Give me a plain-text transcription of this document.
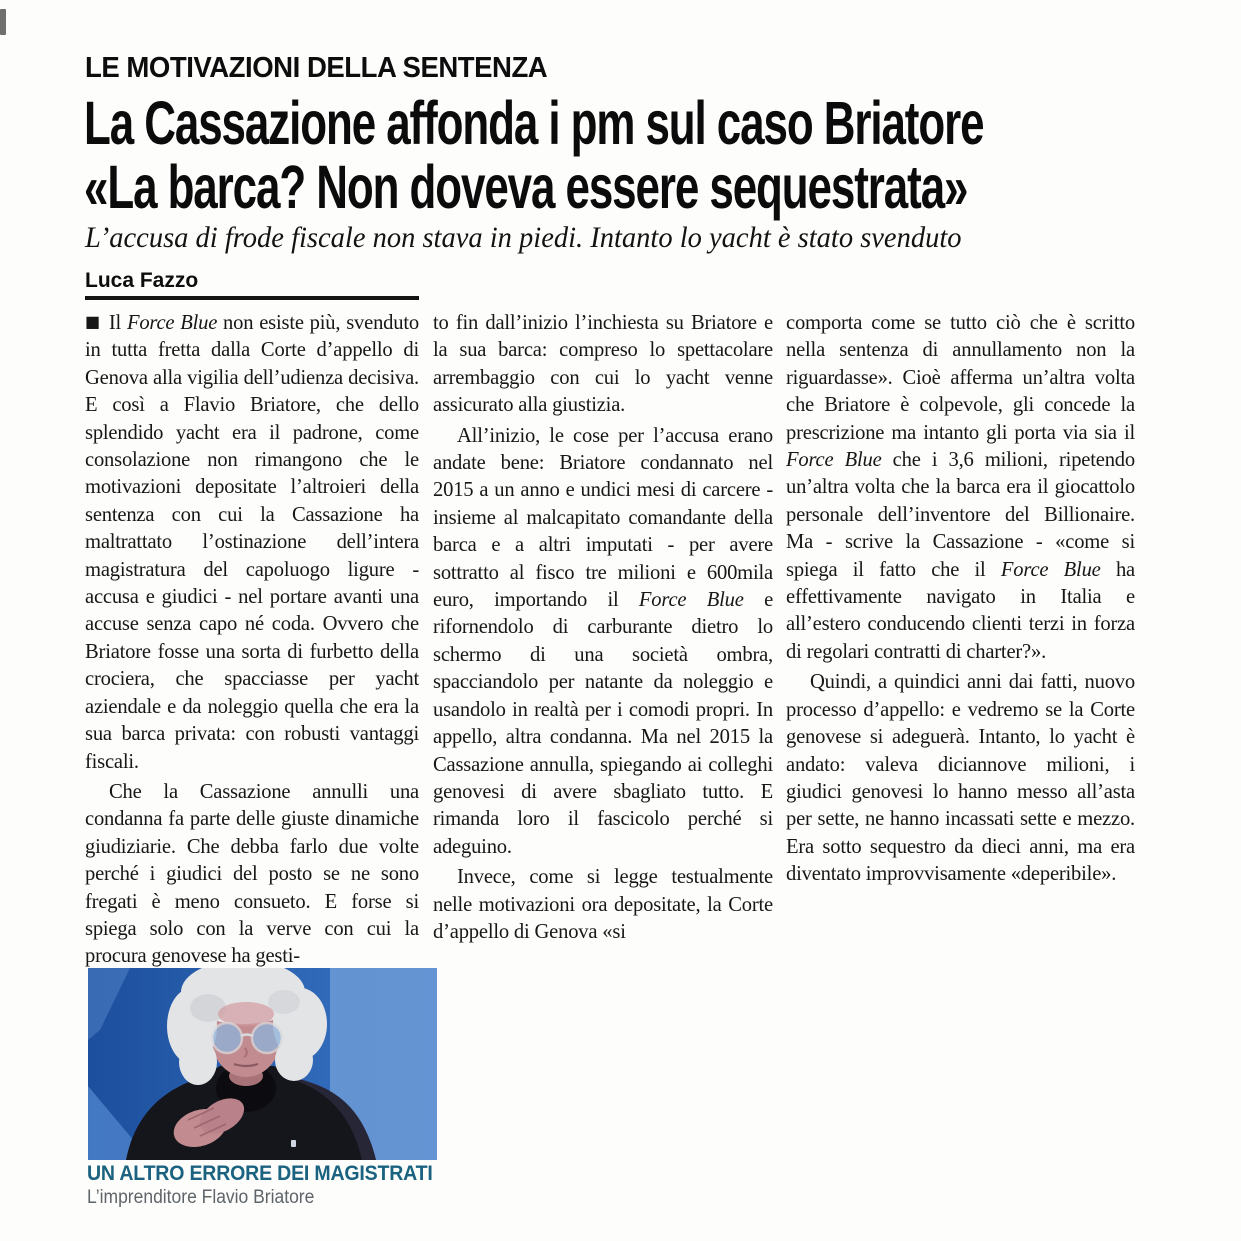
LE MOTIVAZIONI DELLA SENTENZA
La Cassazione affonda i pm sul caso Briatore
«La barca? Non doveva essere sequestrata»
L’accusa di frode fiscale non stava in piedi. Intanto lo yacht è stato svenduto
Luca Fazzo

■ Il Force Blue non esiste più, svenduto in tutta fretta dalla Corte d’appello di Genova alla vigilia dell’udienza decisiva. E così a Flavio Briatore, che dello splendido yacht era il padrone, come consolazione non rimangono che le motivazioni depositate l’altroieri della sentenza con cui la Cassazione ha maltrattato l’ostinazione dell’intera magistratura del capoluogo ligure - accusa e giudici - nel portare avanti una accuse senza capo né coda. Ovvero che Briatore fosse una sorta di furbetto della crociera, che spacciasse per yacht aziendale e da noleggio quella che era la sua barca privata: con robusti vantaggi fiscali.

Che la Cassazione annulli una condanna fa parte delle giuste dinamiche giudiziarie. Che debba farlo due volte perché i giudici del posto se ne sono fregati è meno consueto. E forse si spiega solo con la verve con cui la procura genovese ha gesti-

to fin dall’inizio l’inchiesta su Briatore e la sua barca: compreso lo spettacolare arrembaggio con cui lo yacht venne assicurato alla giustizia.

All’inizio, le cose per l’accusa erano andate bene: Briatore condannato nel 2015 a un anno e undici mesi di carcere - insieme al malcapitato comandante della barca e a altri imputati - per avere sottratto al fisco tre milioni e 600mila euro, importando il Force Blue e rifornendolo di carburante dietro lo schermo di una società ombra, spacciandolo per natante da noleggio e usandolo in realtà per i comodi propri. In appello, altra condanna. Ma nel 2015 la Cassazione annulla, spiegando ai colleghi genovesi di avere sbagliato tutto. E rimanda loro il fascicolo perché si adeguino.

Invece, come si legge testualmente nelle motivazioni ora depositate, la Corte d’appello di Genova «si

comporta come se tutto ciò che è scritto nella sentenza di annullamento non la riguardasse». Cioè afferma un’altra volta che Briatore è colpevole, gli concede la prescrizione ma intanto gli porta via sia il Force Blue che i 3,6 milioni, ripetendo un’altra volta che la barca era il giocattolo personale dell’inventore del Billionaire. Ma - scrive la Cassazione - «come si spiega il fatto che il Force Blue ha effettivamente navigato in Italia e all’estero conducendo clienti terzi in forza di regolari contratti di charter?».

Quindi, a quindici anni dai fatti, nuovo processo d’appello: e vedremo se la Corte genovese si adeguerà. Intanto, lo yacht è andato: valeva diciannove milioni, i giudici genovesi lo hanno messo all’asta per sette, ne hanno incassati sette e mezzo. Era sotto sequestro da dieci anni, ma era diventato improvvisamente «deperibile».

UN ALTRO ERRORE DEI MAGISTRATI
L’imprenditore Flavio Briatore
